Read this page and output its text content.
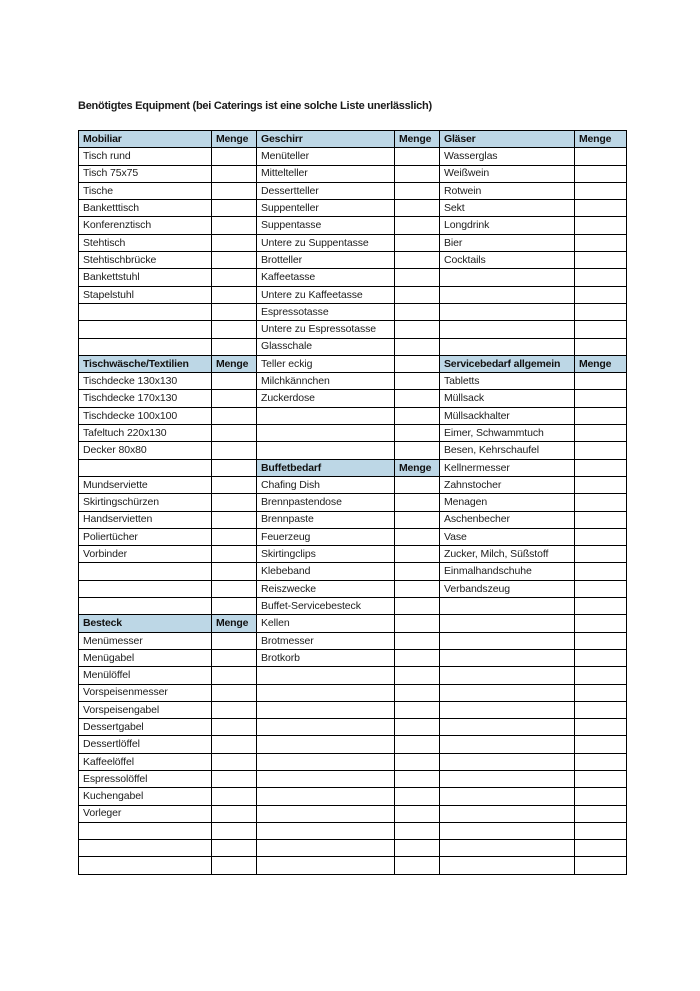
Benötigtes Equipment (bei Caterings ist eine solche Liste unerlässlich)
Mobiliar	Menge	Geschirr	Menge	Gläser	Menge
Tisch rund		Menüteller		Wasserglas	
Tisch 75x75		Mittelteller		Weißwein	
Tische		Dessertteller		Rotwein	
Banketttisch		Suppenteller		Sekt	
Konferenztisch		Suppentasse		Longdrink	
Stehtisch		Untere zu Suppentasse		Bier	
Stehtischbrücke		Brotteller		Cocktails	
Bankettstuhl		Kaffeetasse			
Stapelstuhl		Untere zu Kaffeetasse			
		Espressotasse			
		Untere zu Espressotasse			
		Glasschale			
Tischwäsche/Textilien	Menge	Teller eckig		Servicebedarf allgemein	Menge
Tischdecke 130x130		Milchkännchen		Tabletts	
Tischdecke 170x130		Zuckerdose		Müllsack	
Tischdecke 100x100				Müllsackhalter	
Tafeltuch 220x130				Eimer, Schwammtuch	
Decker 80x80				Besen, Kehrschaufel	
		Buffetbedarf	Menge	Kellnermesser	
Mundserviette		Chafing Dish		Zahnstocher	
Skirtingschürzen		Brennpastendose		Menagen	
Handservietten		Brennpaste		Aschenbecher	
Poliertücher		Feuerzeug		Vase	
Vorbinder		Skirtingclips		Zucker, Milch, Süßstoff	
		Klebeband		Einmalhandschuhe	
		Reiszwecke		Verbandszeug	
		Buffet-Servicebesteck			
Besteck	Menge	Kellen			
Menümesser		Brotmesser			
Menügabel		Brotkorb			
Menülöffel					
Vorspeisenmesser					
Vorspeisengabel					
Dessertgabel					
Dessertlöffel					
Kaffeelöffel					
Espressolöffel					
Kuchengabel					
Vorleger					
